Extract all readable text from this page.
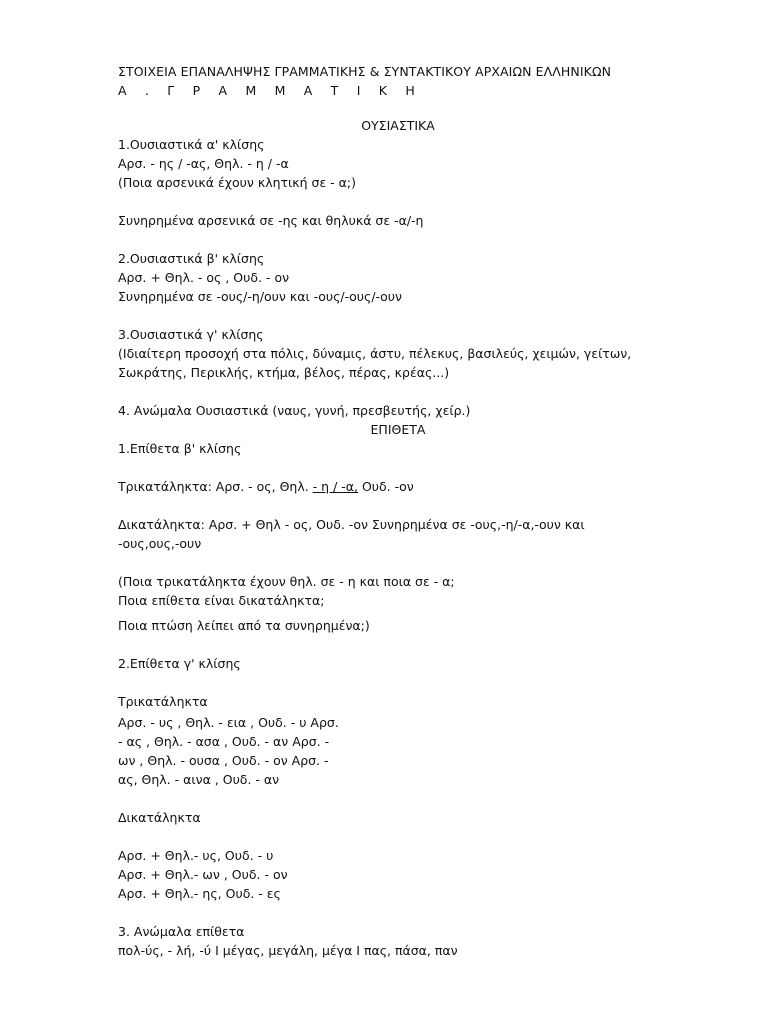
ΣΤΟΙΧΕΙΑ ΕΠΑΝΑΛΗΨΗΣ ΓΡΑΜΜΑΤΙΚΗΣ & ΣΥΝΤΑΚΤΙΚΟΥ ΑΡΧΑΙΩΝ ΕΛΛΗΝΙΚΩΝ
Α . Γ Ρ Α Μ Μ Α Τ Ι Κ Η
ΟΥΣΙΑΣΤΙΚΑ
1.Ουσιαστικά α' κλίσης
Αρσ. - ης / -ας, Θηλ. - η / -α
(Ποια αρσενικά έχουν κλητική σε - α;)
Συνηρημένα αρσενικά σε -ης και θηλυκά σε -α/-η
2.Ουσιαστικά β' κλίσης
Αρσ. + Θηλ. - ος , Ουδ. - ον
Συνηρημένα σε -ους/-η/ουν και -ους/-ους/-ουν
3.Ουσιαστικά γ' κλίσης
(Ιδιαίτερη προσοχή στα πόλις, δύναμις, άστυ, πέλεκυς, βασιλεύς, χειμών, γείτων,
Σωκράτης, Περικλής, κτήμα, βέλος, πέρας, κρέας...)
4. Ανώμαλα Ουσιαστικά (ναυς, γυνή, πρεσβευτής, χείρ.)
ΕΠΙΘΕΤΑ
1.Επίθετα β' κλίσης
Τρικατάληκτα: Αρσ. - ος, Θηλ. - η / -α, Ουδ. -ον
Δικατάληκτα: Αρσ. + Θηλ - ος, Ουδ. -ον Συνηρημένα σε -ους,-η/-α,-ουν και
-ους,ους,-ουν
(Ποια τρικατάληκτα έχουν θηλ. σε - η και ποια σε - α;
Ποια επίθετα είναι δικατάληκτα;
Ποια πτώση λείπει από τα συνηρημένα;)
2.Επίθετα γ' κλίσης
Τρικατάληκτα
Αρσ. - υς , Θηλ. - εια , Ουδ. - υ Αρσ.
- ας , Θηλ. - ασα , Ουδ. - αν Αρσ. -
ων , Θηλ. - ουσα , Ουδ. - ον Αρσ. -
ας, Θηλ. - αινα , Ουδ. - αν
Δικατάληκτα
Αρσ. + Θηλ.- υς, Ουδ. - υ
Αρσ. + Θηλ.- ων , Ουδ. - ον
Αρσ. + Θηλ.- ης, Ουδ. - ες
3. Ανώμαλα επίθετα
πολ-ύς, - λή, -ύ Ι μέγας, μεγάλη, μέγα Ι πας, πάσα, παν
